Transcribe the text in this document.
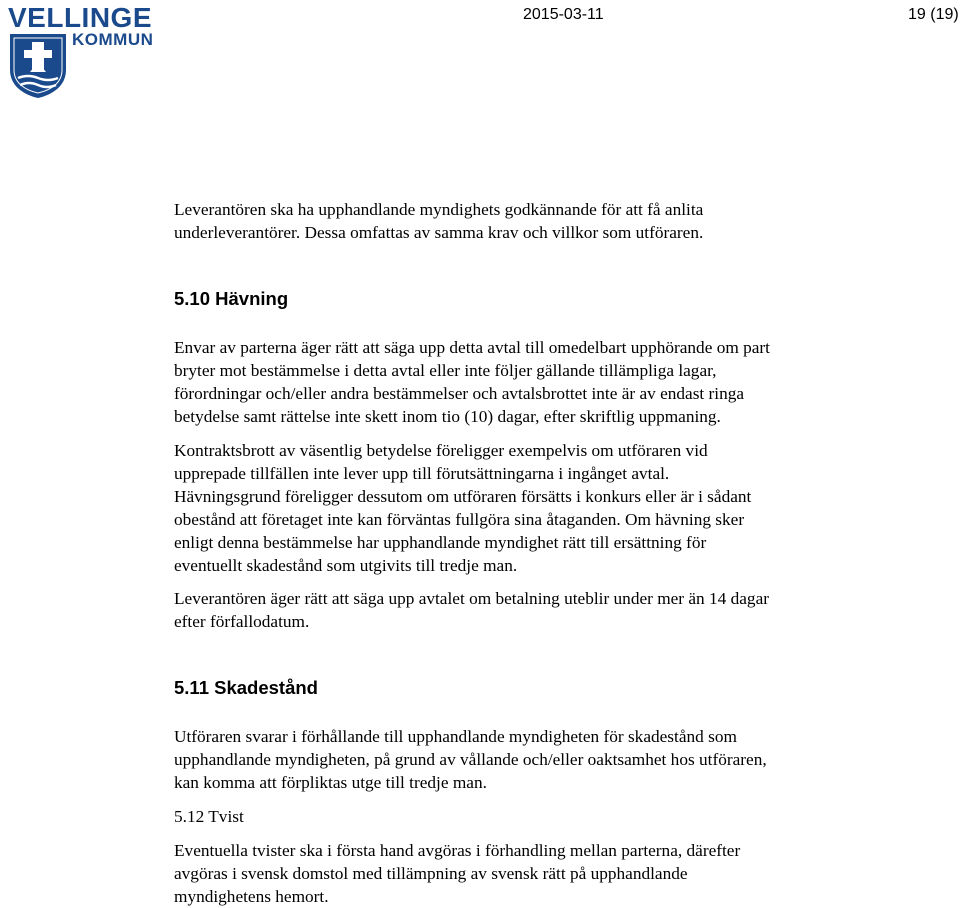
VELLINGE
KOMMUN
2015-03-11	19 (19)

Leverantören ska ha upphandlande myndighets godkännande för att få anlita
underleverantörer. Dessa omfattas av samma krav och villkor som utföraren.

5.10 Hävning

Envar av parterna äger rätt att säga upp detta avtal till omedelbart upphörande om part
bryter mot bestämmelse i detta avtal eller inte följer gällande tillämpliga lagar,
förordningar och/eller andra bestämmelser och avtalsbrottet inte är av endast ringa
betydelse samt rättelse inte skett inom tio (10) dagar, efter skriftlig uppmaning.

Kontraktsbrott av väsentlig betydelse föreligger exempelvis om utföraren vid
upprepade tillfällen inte lever upp till förutsättningarna i ingånget avtal.
Hävningsgrund föreligger dessutom om utföraren försätts i konkurs eller är i sådant
obestånd att företaget inte kan förväntas fullgöra sina åtaganden. Om hävning sker
enligt denna bestämmelse har upphandlande myndighet rätt till ersättning för
eventuellt skadestånd som utgivits till tredje man.

Leverantören äger rätt att säga upp avtalet om betalning uteblir under mer än 14 dagar
efter förfallodatum.

5.11 Skadestånd

Utföraren svarar i förhållande till upphandlande myndigheten för skadestånd som
upphandlande myndigheten, på grund av vållande och/eller oaktsamhet hos utföraren,
kan komma att förpliktas utge till tredje man.

5.12 Tvist

Eventuella tvister ska i första hand avgöras i förhandling mellan parterna, därefter
avgöras i svensk domstol med tillämpning av svensk rätt på upphandlande
myndighetens hemort.
